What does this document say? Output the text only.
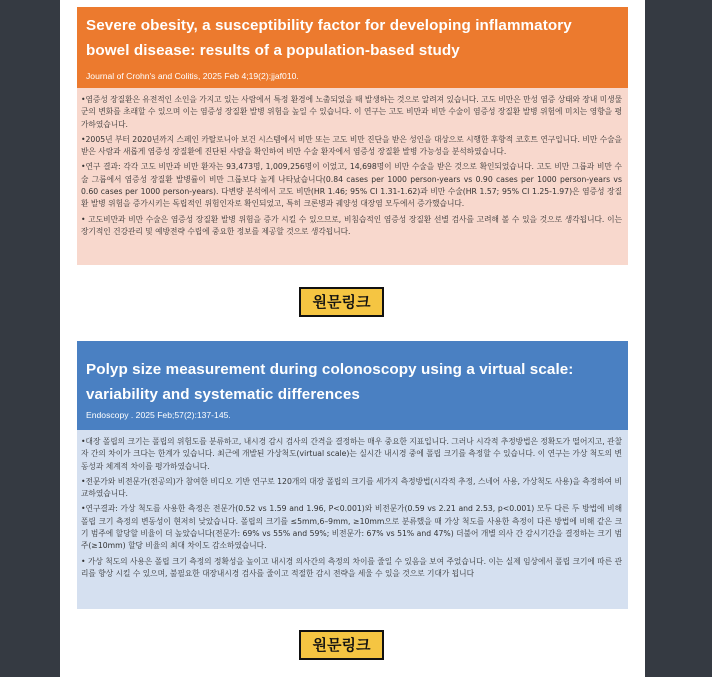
Severe obesity, a susceptibility factor for developing inflammatory bowel disease: results of a population-based study
Journal of Crohn's and Colitis, 2025 Feb 4;19(2):jjaf010.
•염증성 장질환은 유전적인 소인을 가지고 있는 사람에서 특정 환경에 노출되었을 때 발생하는 것으로 알려져 있습니다. 고도 비만은 만성 염증 상태와 장내 미생물군의 변화를 초래할 수 있으며 이는 염증성 장질환 발병 위험을 높일 수 있습니다. 이 연구는 고도 비만과 비만 수술이 염증성 장질환 발병 위험에 미치는 영향을 평가하였습니다.
•2005년 부터 2020년까지 스페인 카탈로니아 보건 시스템에서 비만 또는 고도 비만 진단을 받은 성인을 대상으로 시행한 후향적 코호트 연구입니다. 비만 수술을 받은 사람과 새롭게 염증성 장질환에 진단된 사람을 확인하여 비만 수술 환자에서 염증성 장질환 발병 가능성을 분석하였습니다.
•연구 결과: 각각 고도 비만과 비만 환자는 93,473명, 1,009,256명이 이었고, 14,698명이 비만 수술을 받은 것으로 확인되었습니다. 고도 비만 그룹과 비만 수술 그룹에서 염증성 장질환 발병률이 비만 그룹보다 높게 나타났습니다(0.84 cases per 1000 person-years vs 0.90 cases per 1000 person-years vs 0.60 cases per 1000 person-years). 다변량 분석에서 고도 비만(HR 1.46; 95% CI 1.31-1.62)과 비만 수술(HR 1.57; 95% CI 1.25-1.97)은 염증성 장질환 발병 위험을 증가시키는 독립적인 위험인자로 확인되었고, 특히 크론병과 궤양성 대장염 모두에서 증가했습니다.
• 고도비만과 비만 수술은 염증성 장질환 발병 위험을 증가 시킬 수 있으므로, 비침습적인 염증성 장질환 선별 검사를 고려해 볼 수 있을 것으로 생각됩니다. 이는 장기적인 건강관리 및 예방전략 수립에 중요한 정보를 제공할 것으로 생각됩니다.
원문링크
Polyp size measurement during colonoscopy using a virtual scale: variability and systematic differences
Endoscopy . 2025 Feb;57(2):137-145.
•대장 폴립의 크기는 폴립의 위험도를 분류하고, 내시경 감시 검사의 간격을 결정하는 매우 중요한 지표입니다. 그러나 시각적 추정방법은 정확도가 떨어지고, 관찰자 간의 차이가 크다는 한계가 있습니다. 최근에 개발된 가상척도(virtual scale)는 실시간 내시경 중에 폴립 크기를 측정할 수 있습니다. 이 연구는 가상 척도의 변동성과 체계적 차이를 평가하였습니다.
•전문가와 비전문가(전공의)가 참여한 비디오 기반 연구로 120개의 대장 폴립의 크기를 세가지 측정방법(시각적 추정, 스네어 사용, 가상척도 사용)을 측정하여 비교하였습니다.
•연구결과: 가상 척도를 사용한 측정은 전문가(0.52 vs 1.59 and 1.96, P<0.001)와 비전문가(0.59 vs 2.21 and 2.53, p<0.001) 모두 다른 두 방법에 비해 폴립 크기 측정의 변동성이 현저히 낮았습니다. 폴립의 크기를 ≤5mm,6–9mm, ≥10mm으로 분류했을 때 가상 척도를 사용한 측정이 다른 방법에 비해 같은 크기 범주에 할당할 비율이 더 높았습니다(전문가: 69% vs 55% and 59%; 비전문가: 67% vs 51% and 47%) 더불어 개별 의사 간 감시기간을 결정하는 크기 범주(≥10mm) 할당 비율의 최대 차이도 감소하였습니다.
• 가상 척도의 사용은 폴립 크기 측정의 정확성을 높이고 내시경 의사간의 측정의 차이를 줄일 수 있음을 보여 주었습니다. 이는 실제 임상에서 폴립 크기에 따른 관리를 향상 시킬 수 있으며, 불필요한 대장내시경 검사를 줄이고 적절한 감시 전략을 세울 수 있을 것으로 기대가 됩니다
원문링크
